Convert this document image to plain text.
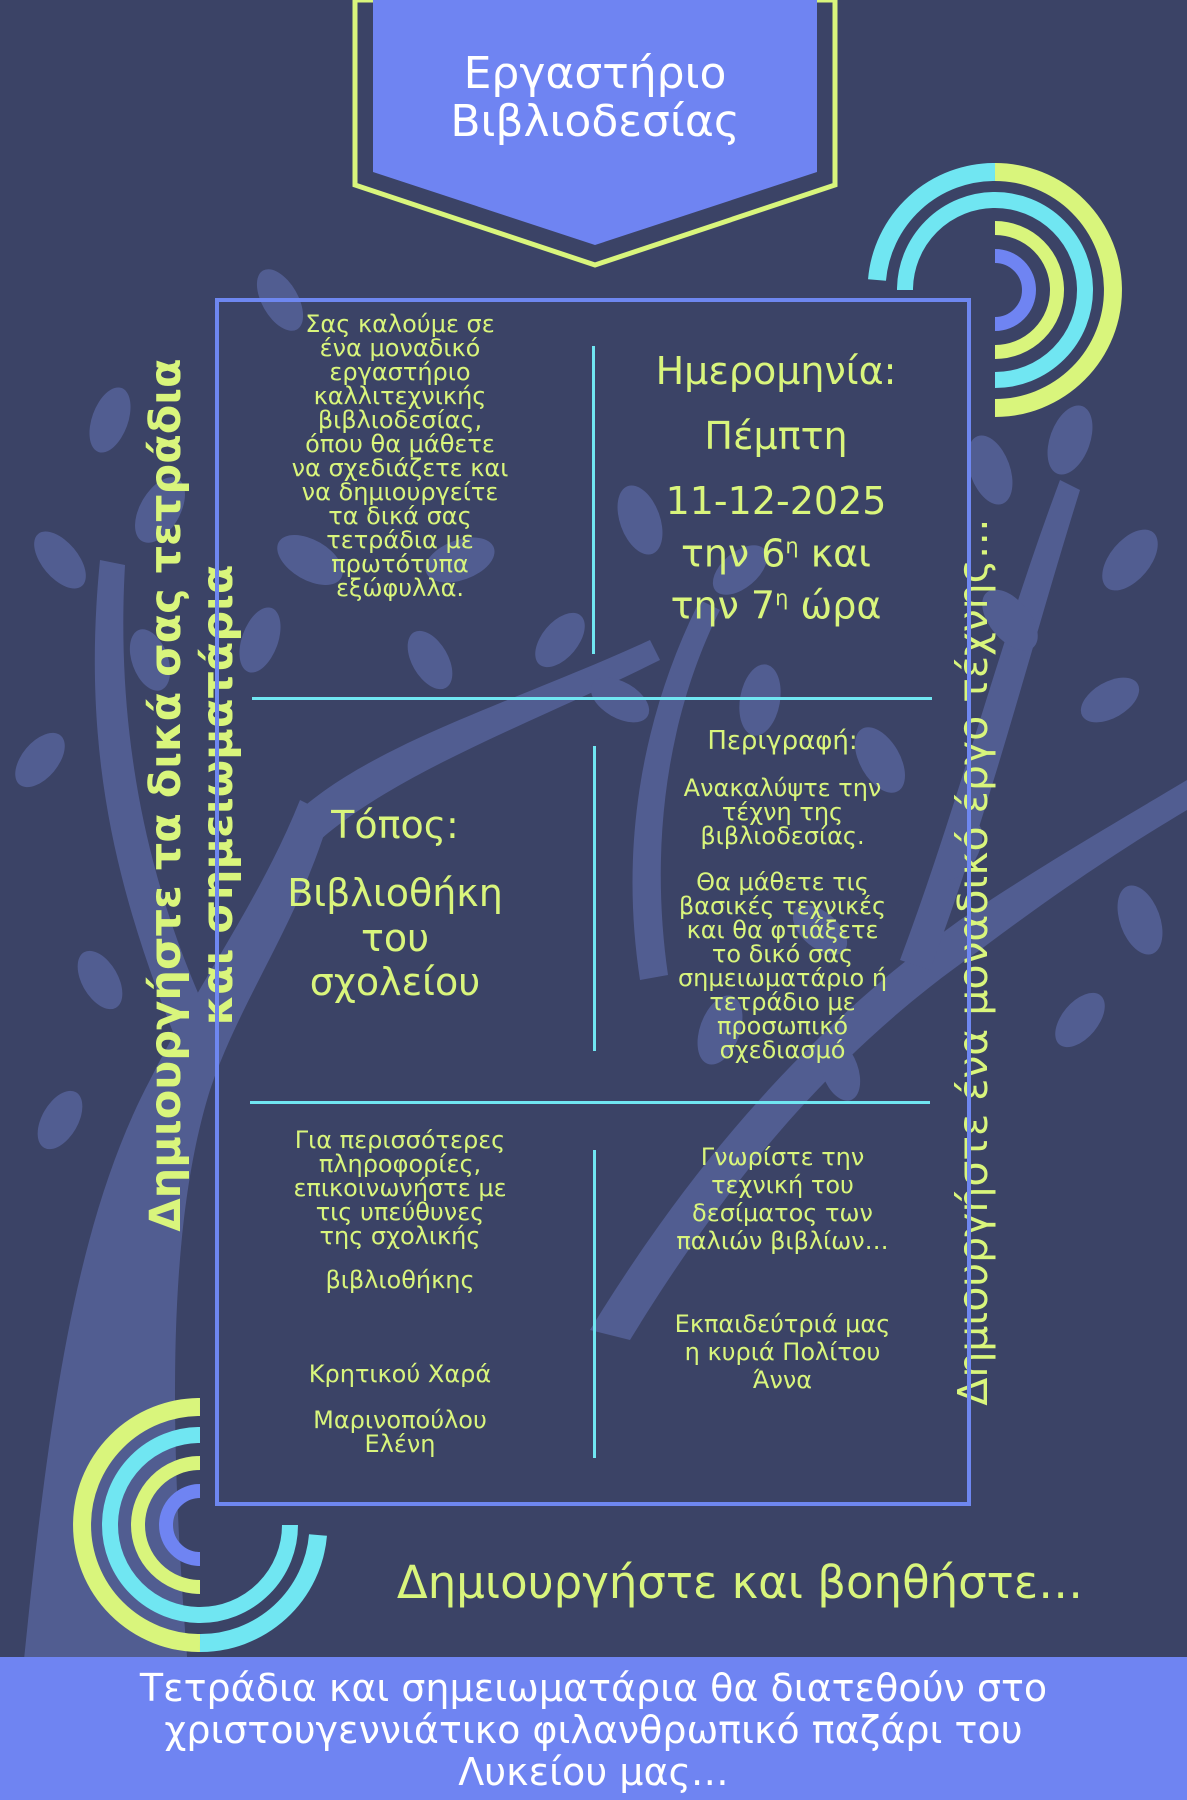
Εργαστήριο
Βιβλιοδεσίας
Δημιουργήστε τα δικά σας τετράδια και σημειωματάρια	Δημιουργήστε ένα μοναδικό έργο τέχνης…
Σας καλούμε σε
ένα μοναδικό
εργαστήριο
καλλιτεχνικής
βιβλιοδεσίας,
όπου θα μάθετε
να σχεδιάζετε και
να δημιουργείτε
τα δικά σας
τετράδια με
πρωτότυπα
εξώφυλλα.
Ημερομηνία:
Πέμπτη
11-12-2025
την $6^\eta$ και
την $7^\eta$ ώρα
Τόπος:
Βιβλιοθήκη
του
σχολείου
Περιγραφή:
Ανακαλύψτε την
τέχνη της
βιβλιοδεσίας.
Θα μάθετε τις
βασικές τεχνικές
και θα φτιάξετε
το δικό σας
σημειωματάριο ή
τετράδιο με
προσωπικό
σχεδιασμό
Για περισσότερες
πληροφορίες,
επικοινωνήστε με
τις υπεύθυνες
της σχολικής
βιβλιοθήκης
Κρητικού Χαρά
Μαρινοπούλου
Ελένη
Γνωρίστε την
τεχνική του
δεσίματος των
παλιών βιβλίων…
Εκπαιδεύτριά μας
η κυριά Πολίτου
Άννα
Δημιουργήστε και βοηθήστε…
Τετράδια και σημειωματάρια θα διατεθούν στο
χριστουγεννιάτικο φιλανθρωπικό παζάρι του
Λυκείου μας…
